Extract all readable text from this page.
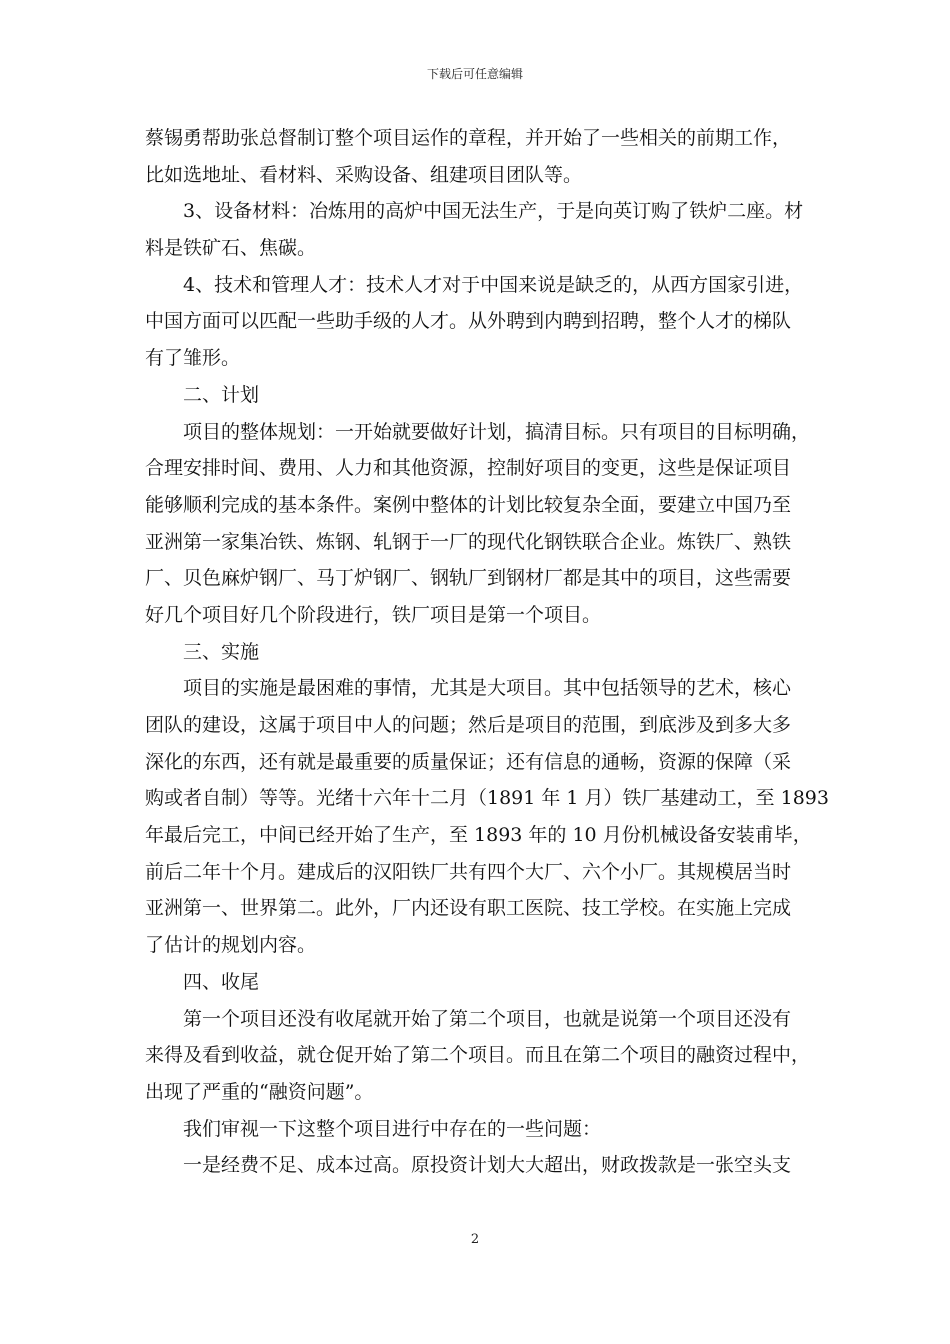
下载后可任意编辑
蔡锡勇帮助张总督制订整个项目运作的章程，并开始了一些相关的前期工作，
比如选地址、看材料、采购设备、组建项目团队等。
3、设备材料：冶炼用的高炉中国无法生产，于是向英订购了铁炉二座。材
料是铁矿石、焦碳。
4、技术和管理人才：技术人才对于中国来说是缺乏的，从西方国家引进，
中国方面可以匹配一些助手级的人才。从外聘到内聘到招聘，整个人才的梯队
有了雏形。
二、计划
项目的整体规划：一开始就要做好计划，搞清目标。只有项目的目标明确，
合理安排时间、费用、人力和其他资源，控制好项目的变更，这些是保证项目
能够顺利完成的基本条件。案例中整体的计划比较复杂全面，要建立中国乃至
亚洲第一家集冶铁、炼钢、轧钢于一厂的现代化钢铁联合企业。炼铁厂、熟铁
厂、贝色麻炉钢厂、马丁炉钢厂、钢轨厂到钢材厂都是其中的项目，这些需要
好几个项目好几个阶段进行，铁厂项目是第一个项目。
三、实施
项目的实施是最困难的事情，尤其是大项目。其中包括领导的艺术，核心
团队的建设，这属于项目中人的问题；然后是项目的范围，到底涉及到多大多
深化的东西，还有就是最重要的质量保证；还有信息的通畅，资源的保障（采
购或者自制）等等。光绪十六年十二月（1891 年 1 月）铁厂基建动工，至 1893
年最后完工，中间已经开始了生产，至 1893 年的 10 月份机械设备安装甫毕，
前后二年十个月。建成后的汉阳铁厂共有四个大厂、六个小厂。其规模居当时
亚洲第一、世界第二。此外，厂内还设有职工医院、技工学校。在实施上完成
了估计的规划内容。
四、收尾
第一个项目还没有收尾就开始了第二个项目，也就是说第一个项目还没有
来得及看到收益，就仓促开始了第二个项目。而且在第二个项目的融资过程中，
出现了严重的“融资问题”。
我们审视一下这整个项目进行中存在的一些问题：
一是经费不足、成本过高。原投资计划大大超出，财政拨款是一张空头支
2
